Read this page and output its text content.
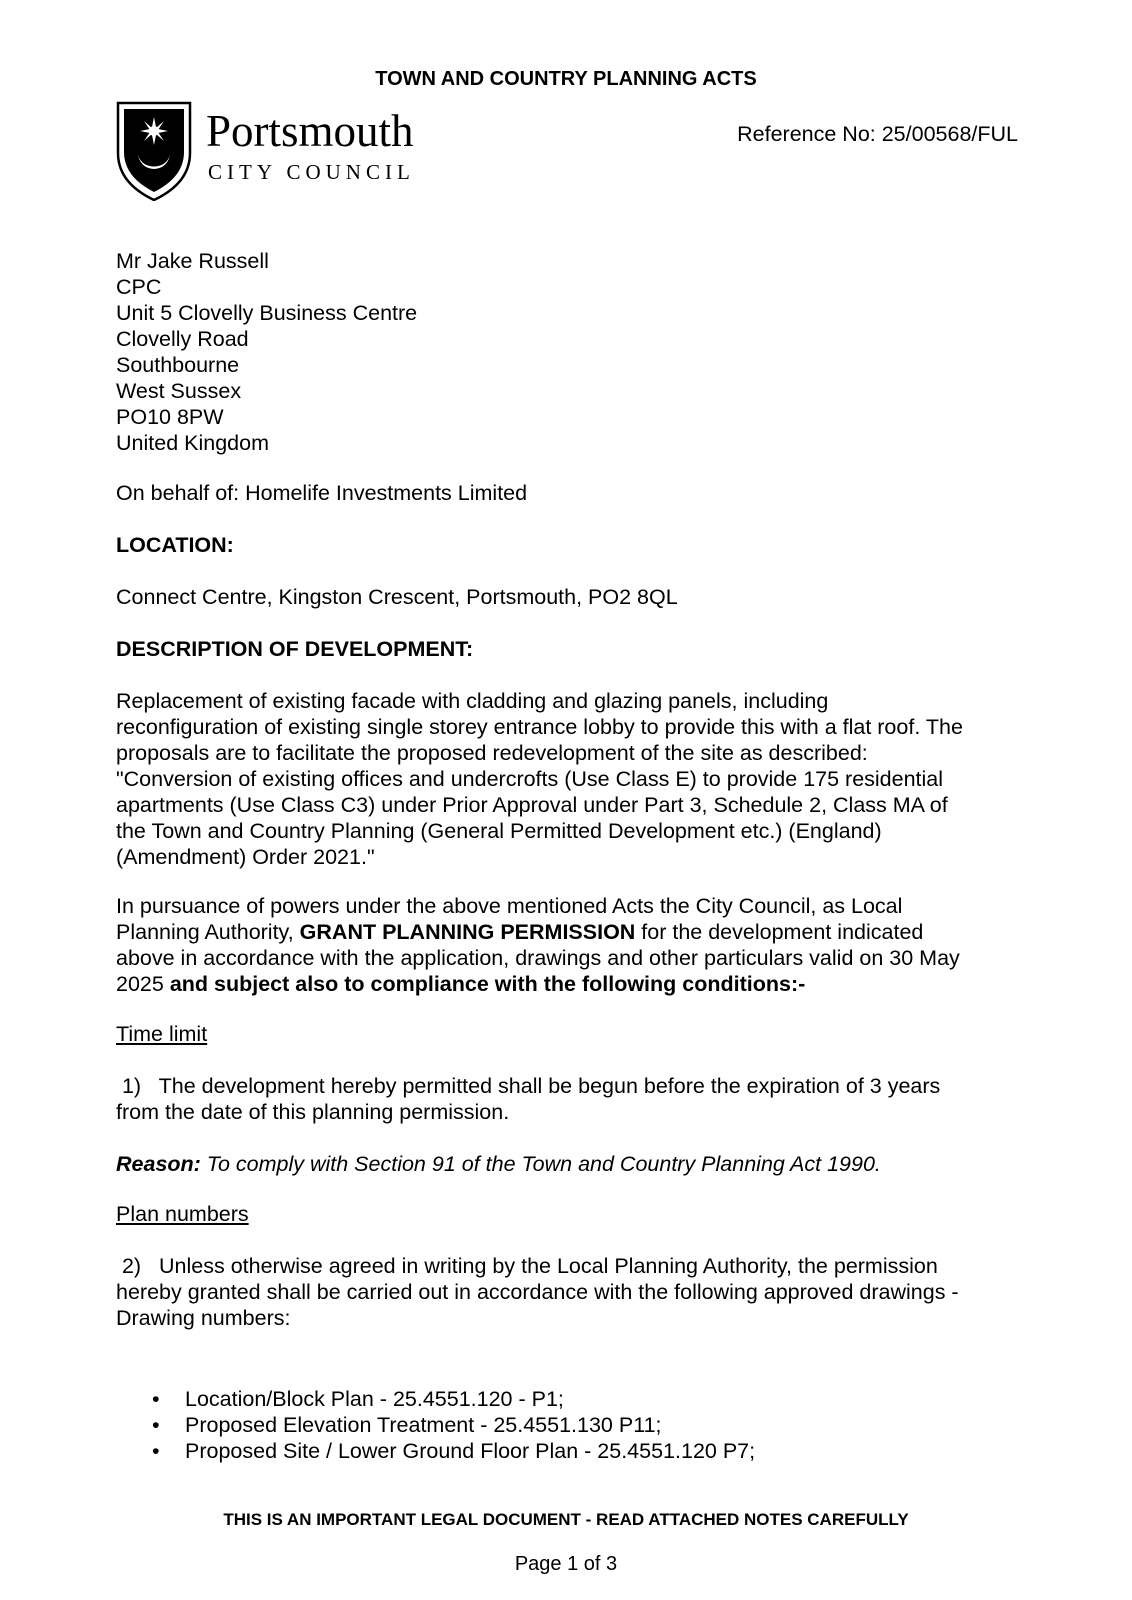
TOWN AND COUNTRY PLANNING ACTS
Portsmouth
CITY COUNCIL
Reference No: 25/00568/FUL
Mr Jake Russell
CPC
Unit 5 Clovelly Business Centre
Clovelly Road
Southbourne
West Sussex
PO10 8PW
United Kingdom
On behalf of: Homelife Investments Limited
LOCATION:
Connect Centre, Kingston Crescent, Portsmouth, PO2 8QL
DESCRIPTION OF DEVELOPMENT:
Replacement of existing facade with cladding and glazing panels, including
reconfiguration of existing single storey entrance lobby to provide this with a flat roof. The
proposals are to facilitate the proposed redevelopment of the site as described:
"Conversion of existing offices and undercrofts (Use Class E) to provide 175 residential
apartments (Use Class C3) under Prior Approval under Part 3, Schedule 2, Class MA of
the Town and Country Planning (General Permitted Development etc.) (England)
(Amendment) Order 2021."
In pursuance of powers under the above mentioned Acts the City Council, as Local
Planning Authority, GRANT PLANNING PERMISSION for the development indicated
above in accordance with the application, drawings and other particulars valid on 30 May
2025 and subject also to compliance with the following conditions:-
Time limit
1)   The development hereby permitted shall be begun before the expiration of 3 years
from the date of this planning permission.
Reason: To comply with Section 91 of the Town and Country Planning Act 1990.
Plan numbers
2)   Unless otherwise agreed in writing by the Local Planning Authority, the permission
hereby granted shall be carried out in accordance with the following approved drawings -
Drawing numbers:
• Location/Block Plan - 25.4551.120 - P1;
• Proposed Elevation Treatment - 25.4551.130 P11;
• Proposed Site / Lower Ground Floor Plan - 25.4551.120 P7;
THIS IS AN IMPORTANT LEGAL DOCUMENT - READ ATTACHED NOTES CAREFULLY
Page 1 of 3
